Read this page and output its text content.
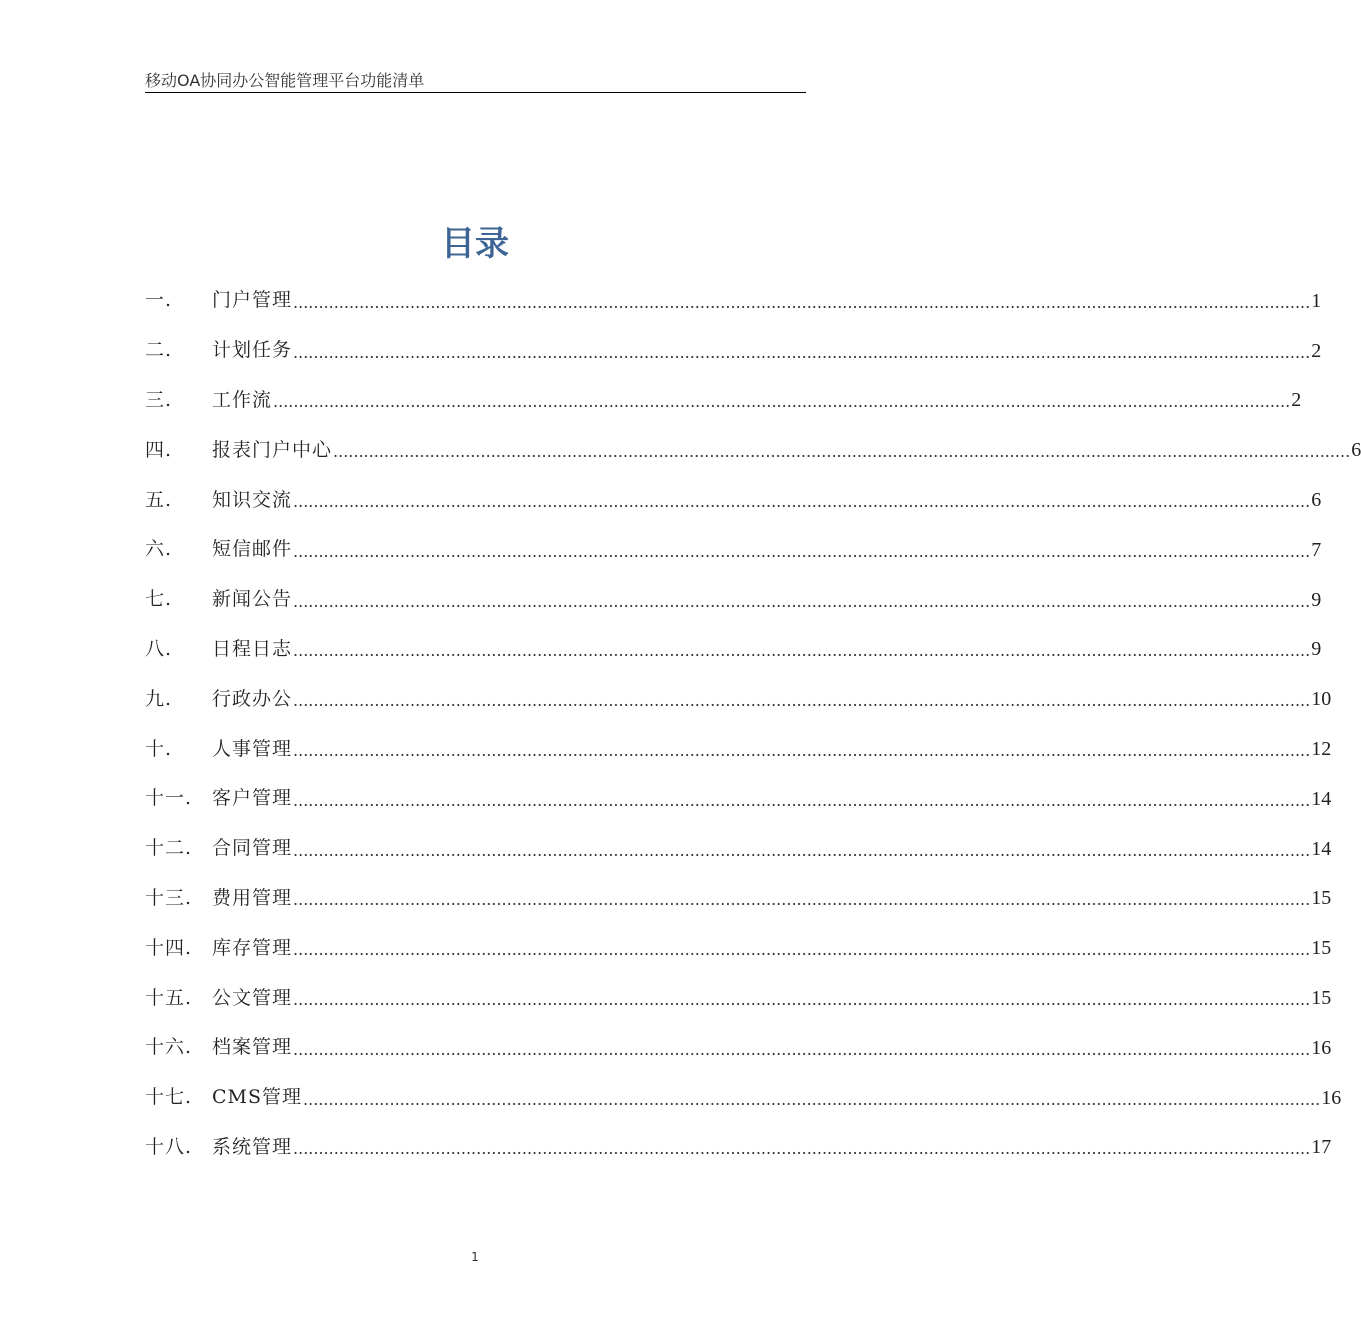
移动OA协同办公智能管理平台功能清单
目录
一.	门户管理 ........................................................................................................................................................................................................ 1
二.	计划任务 ........................................................................................................................................................................................................ 2
三.	工作流 ........................................................................................................................................................................................................ 2
四.	报表门户中心 ........................................................................................................................................................................................................ 6
五.	知识交流 ........................................................................................................................................................................................................ 6
六.	短信邮件 ........................................................................................................................................................................................................ 7
七.	新闻公告 ........................................................................................................................................................................................................ 9
八.	日程日志 ........................................................................................................................................................................................................ 9
九.	行政办公 ........................................................................................................................................................................................................ 10
十.	人事管理 ........................................................................................................................................................................................................ 12
十一.	客户管理 ........................................................................................................................................................................................................ 14
十二.	合同管理 ........................................................................................................................................................................................................ 14
十三.	费用管理 ........................................................................................................................................................................................................ 15
十四.	库存管理 ........................................................................................................................................................................................................ 15
十五.	公文管理 ........................................................................................................................................................................................................ 15
十六.	档案管理 ........................................................................................................................................................................................................ 16
十七.	CMS管理 ........................................................................................................................................................................................................ 16
十八.	系统管理 ........................................................................................................................................................................................................ 17
1
